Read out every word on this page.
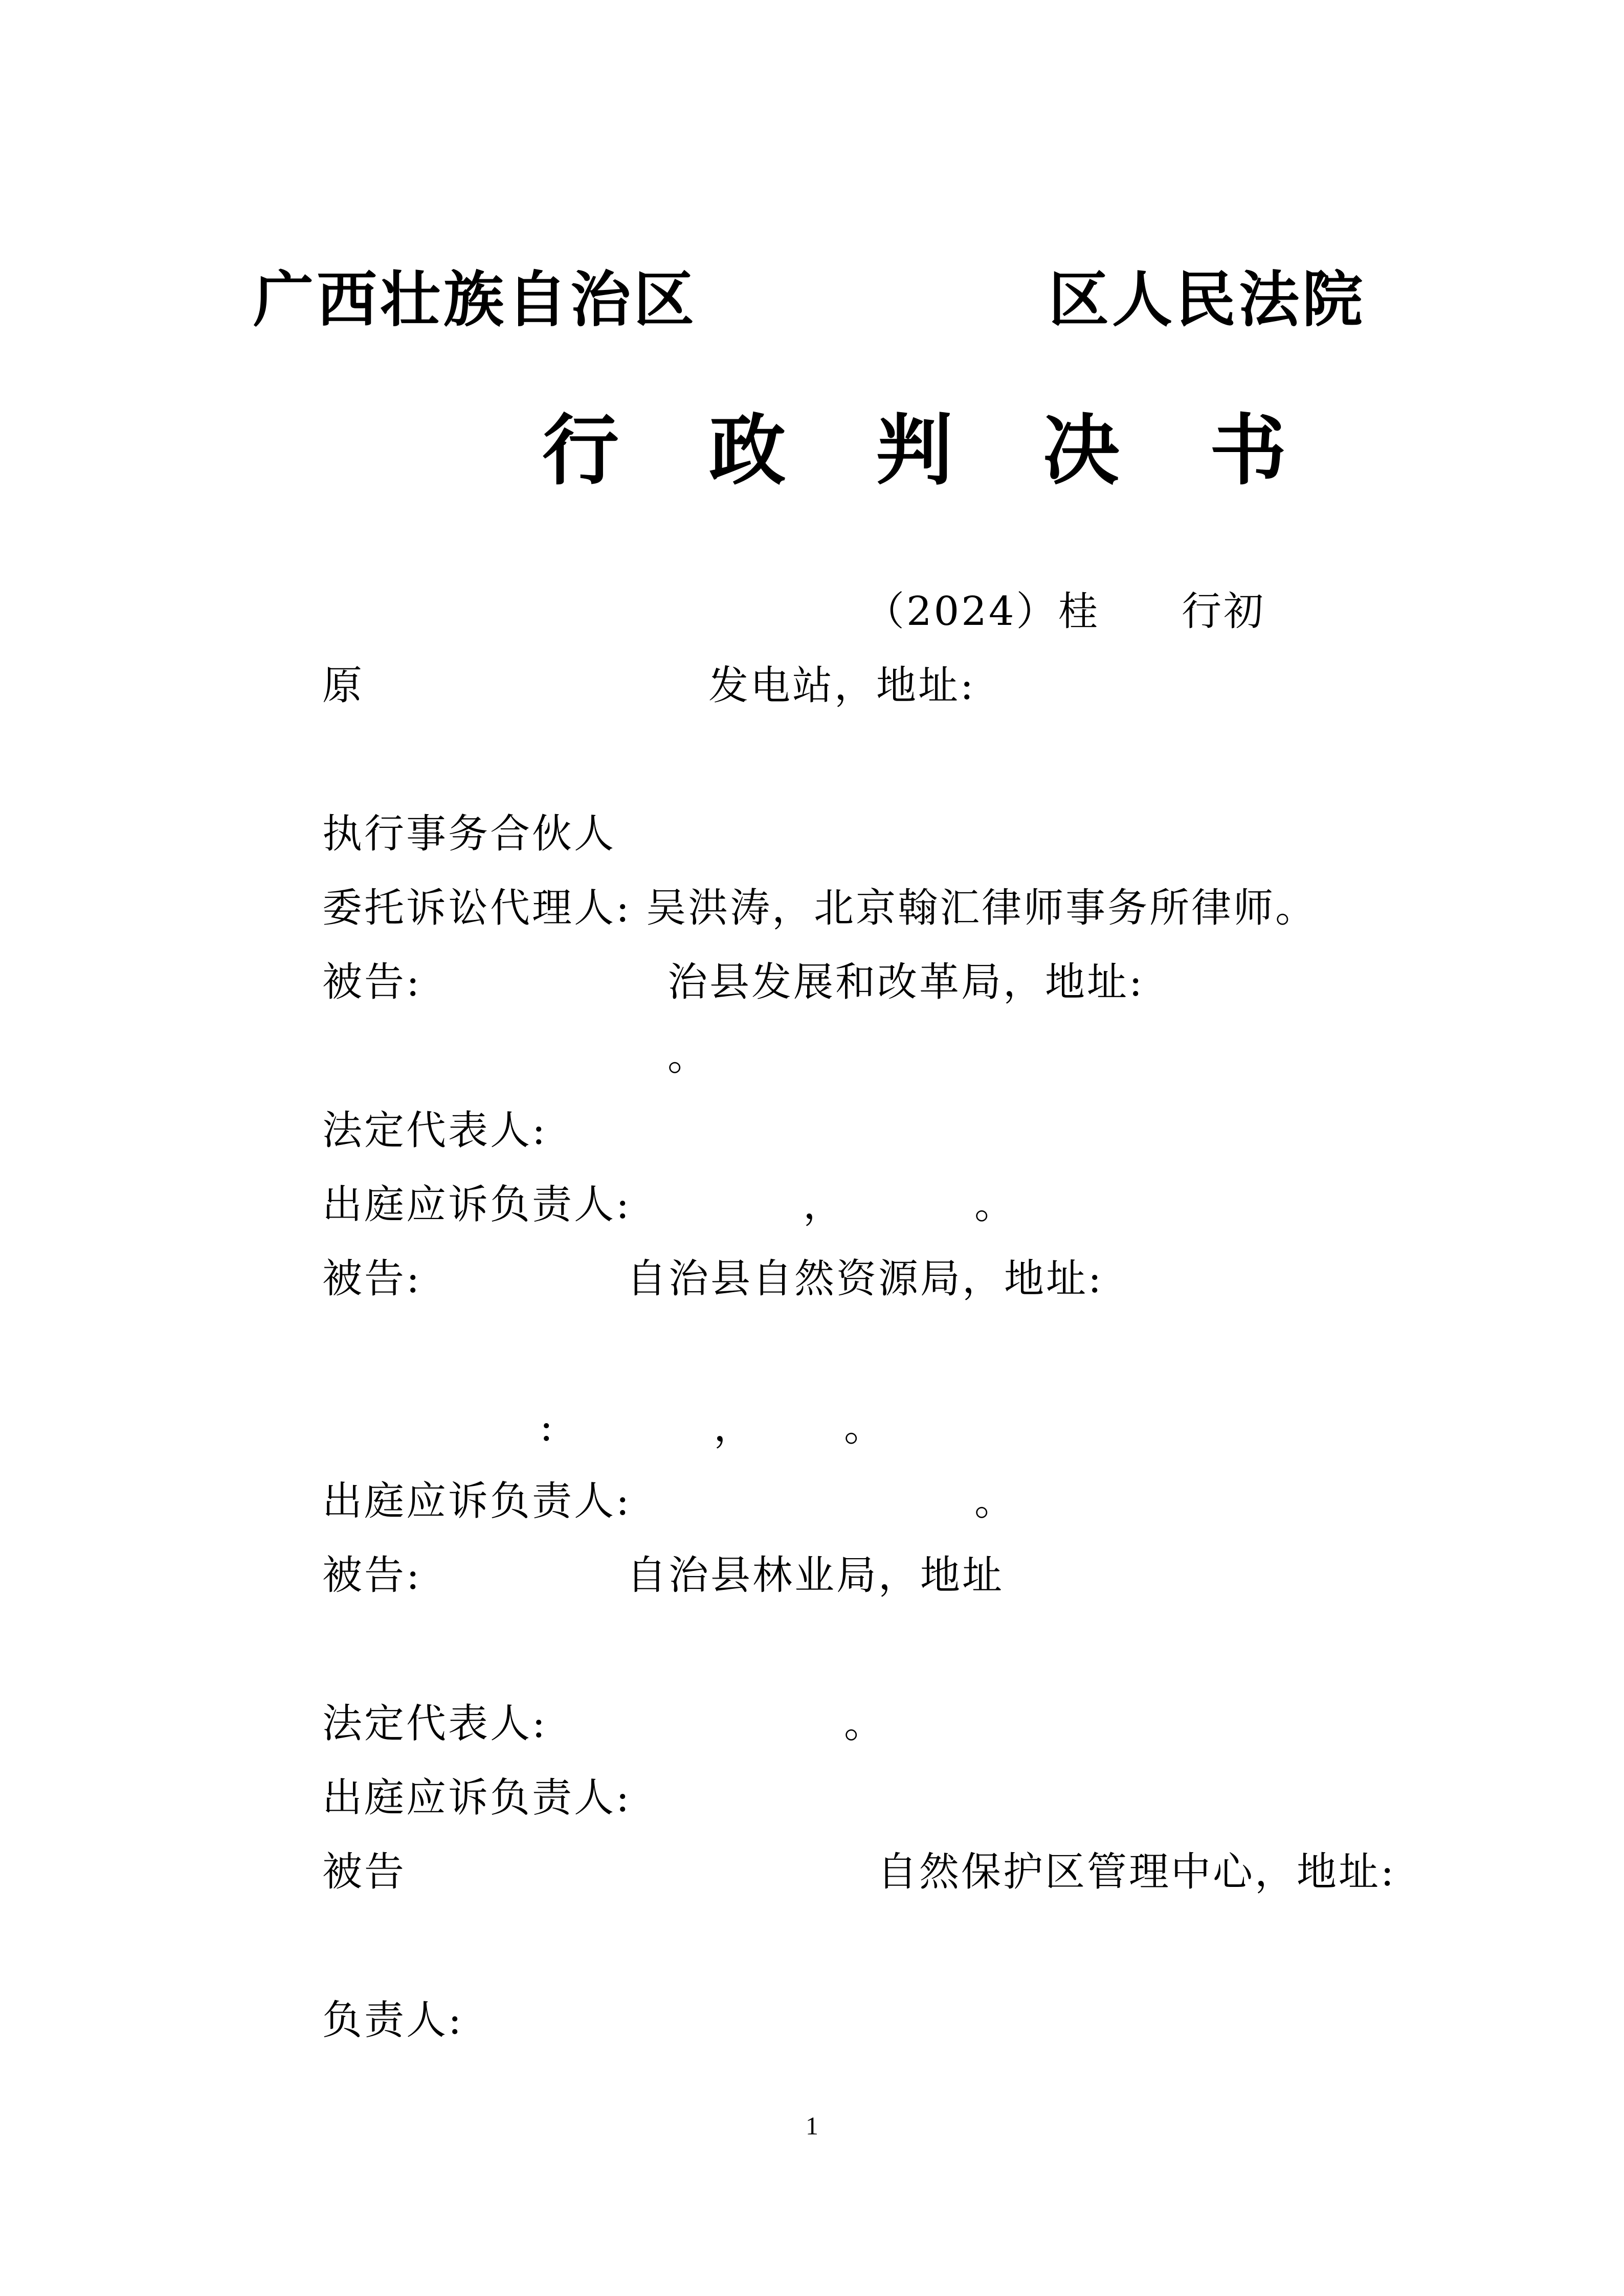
广西壮族自治区	区人民法院
行 政 判 决 书
（2024）桂 行初
原	发电站，地址:
执行事务合伙人
委托诉讼代理人: 吴洪涛，北京翰汇律师事务所律师。
被告:	治县发展和改革局，地址:
。
法定代表人:
出庭应诉负责人:	，	。
被告:	自治县自然资源局，地址:
:	， 。
出庭应诉负责人:	。
被告:	自治县林业局，地址
法定代表人:	。
出庭应诉负责人:
被告	自然保护区管理中心，地址:
负责人:
1
